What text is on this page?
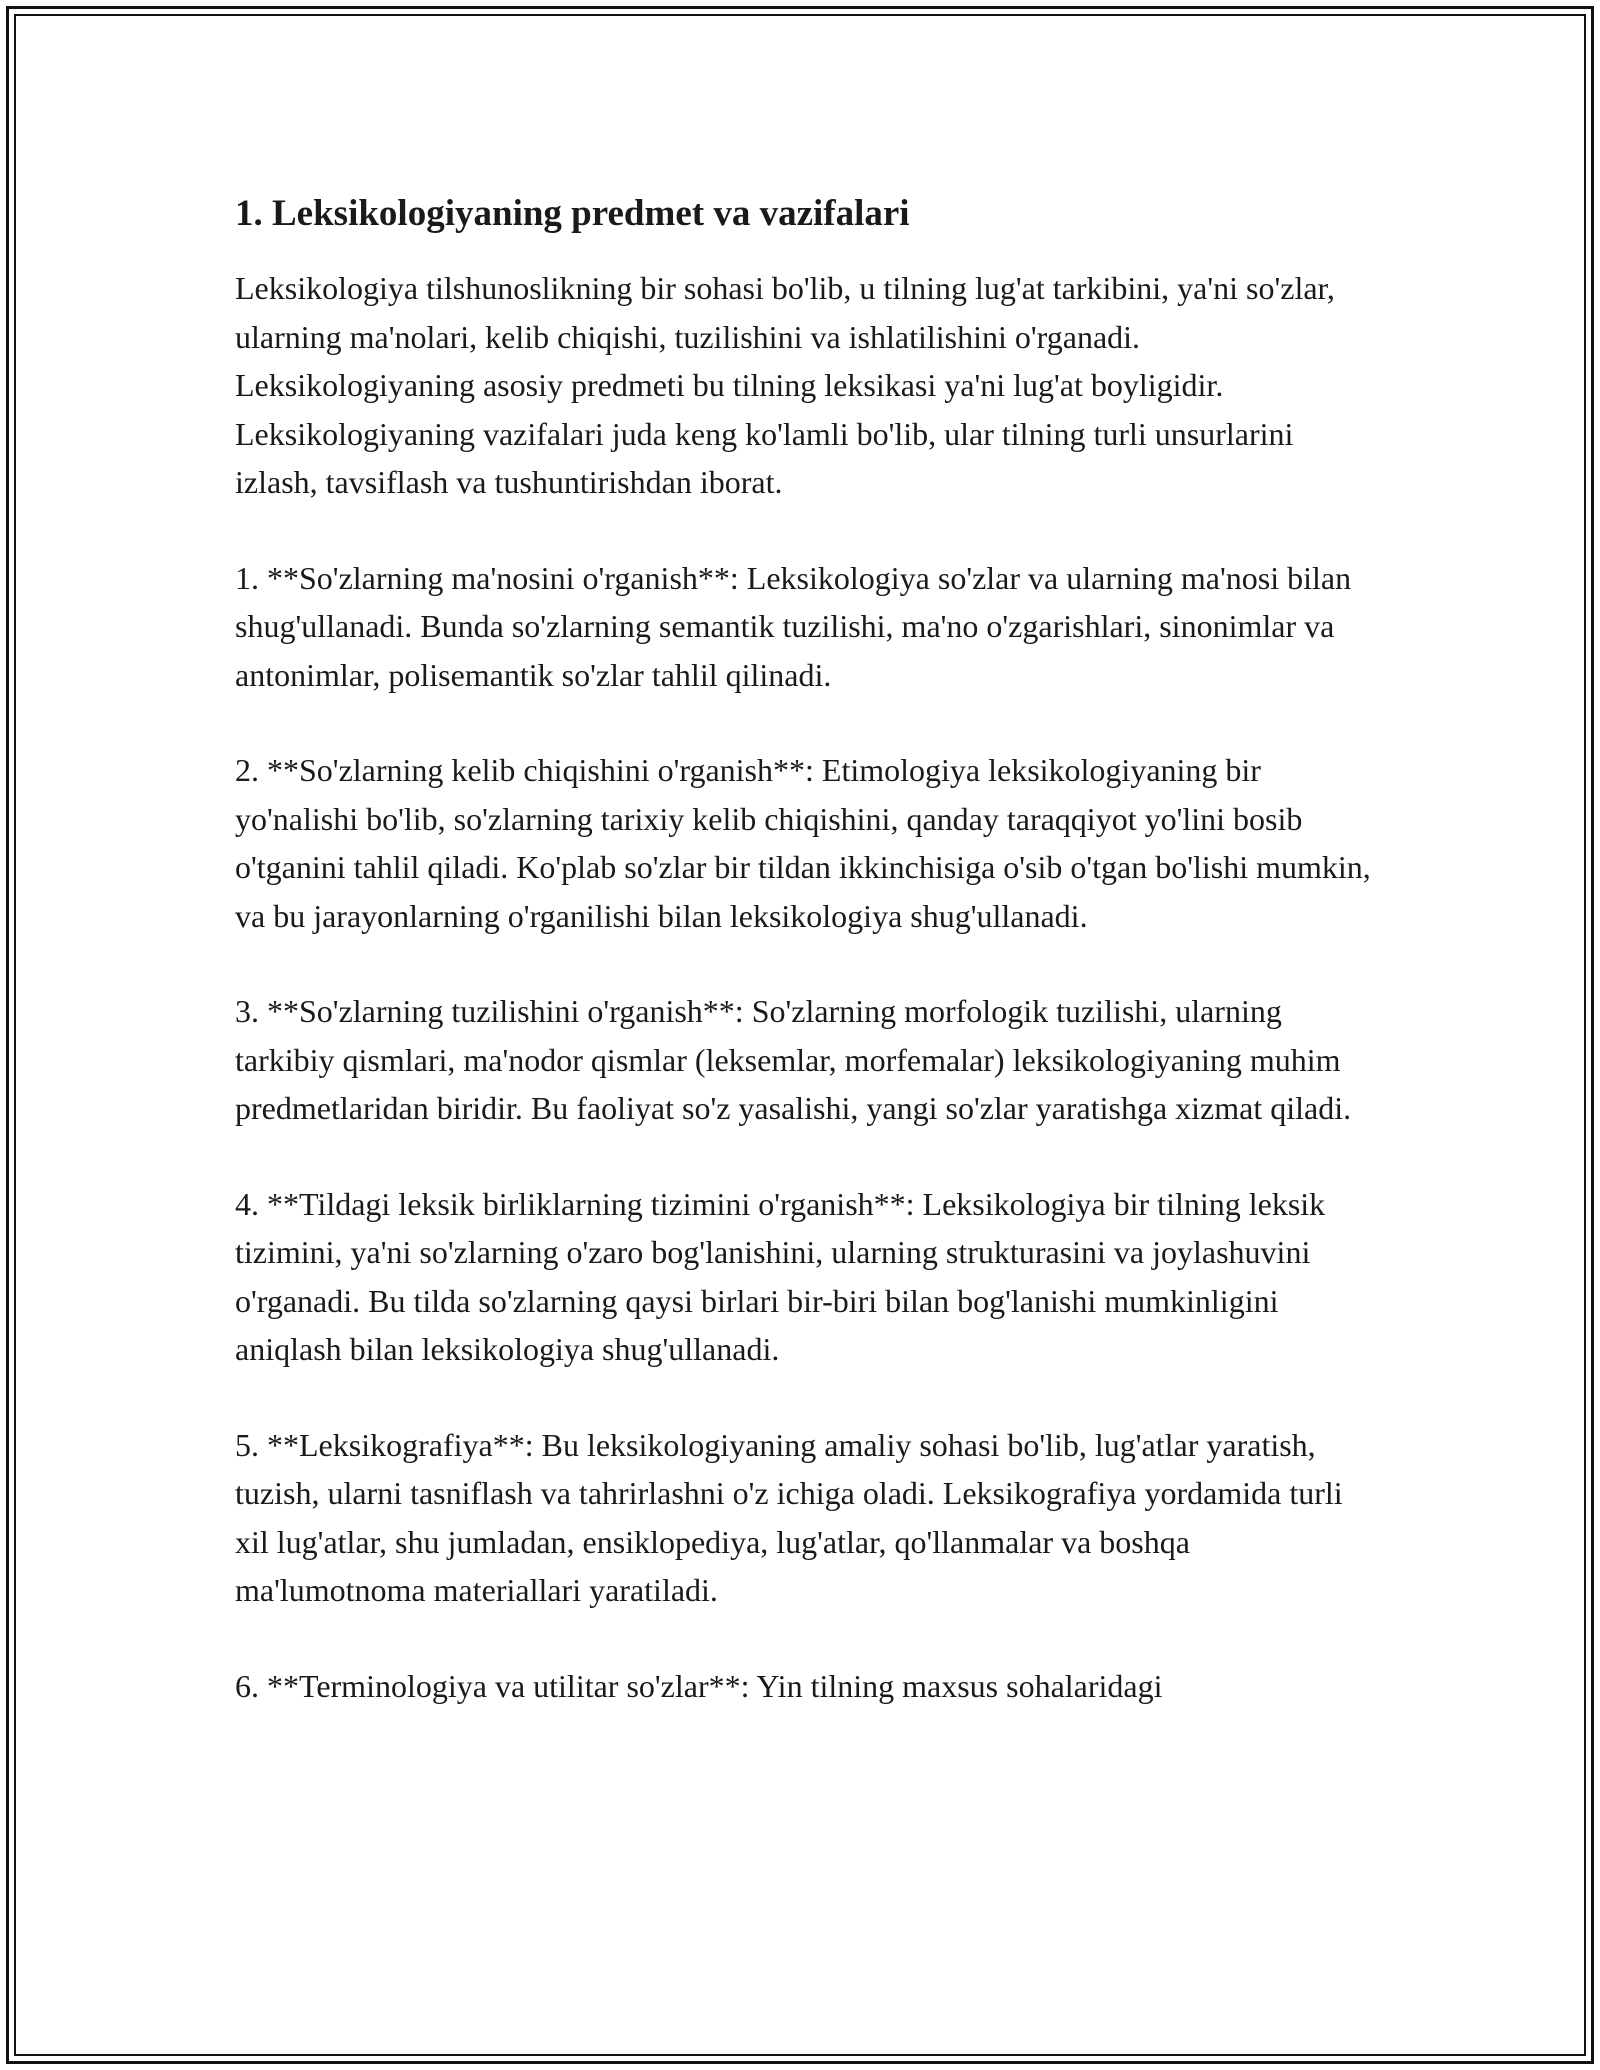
1. Leksikologiyaning predmet va vazifalari

Leksikologiya tilshunoslikning bir sohasi bo'lib, u tilning lug'at tarkibini, ya'ni so'zlar, ularning ma'nolari, kelib chiqishi, tuzilishini va ishlatilishini o'rganadi. Leksikologiyaning asosiy predmeti bu tilning leksikasi ya'ni lug'at boyligidir. Leksikologiyaning vazifalari juda keng ko'lamli bo'lib, ular tilning turli unsurlarini izlash, tavsiflash va tushuntirishdan iborat.

1. **So'zlarning ma'nosini o'rganish**: Leksikologiya so'zlar va ularning ma'nosi bilan shug'ullanadi. Bunda so'zlarning semantik tuzilishi, ma'no o'zgarishlari, sinonimlar va antonimlar, polisemantik so'zlar tahlil qilinadi.

2. **So'zlarning kelib chiqishini o'rganish**: Etimologiya leksikologiyaning bir yo'nalishi bo'lib, so'zlarning tarixiy kelib chiqishini, qanday taraqqiyot yo'lini bosib o'tganini tahlil qiladi. Ko'plab so'zlar bir tildan ikkinchisiga o'sib o'tgan bo'lishi mumkin, va bu jarayonlarning o'rganilishi bilan leksikologiya shug'ullanadi.

3. **So'zlarning tuzilishini o'rganish**: So'zlarning morfologik tuzilishi, ularning tarkibiy qismlari, ma'nodor qismlar (leksemlar, morfemalar) leksikologiyaning muhim predmetlaridan biridir. Bu faoliyat so'z yasalishi, yangi so'zlar yaratishga xizmat qiladi.

4. **Tildagi leksik birliklarning tizimini o'rganish**: Leksikologiya bir tilning leksik tizimini, ya'ni so'zlarning o'zaro bog'lanishini, ularning strukturasini va joylashuvini o'rganadi. Bu tilda so'zlarning qaysi birlari bir-biri bilan bog'lanishi mumkinligini aniqlash bilan leksikologiya shug'ullanadi.

5. **Leksikografiya**: Bu leksikologiyaning amaliy sohasi bo'lib, lug'atlar yaratish, tuzish, ularni tasniflash va tahrirlashni o'z ichiga oladi. Leksikografiya yordamida turli xil lug'atlar, shu jumladan, ensiklopediya, lug'atlar, qo'llanmalar va boshqa ma'lumotnoma materiallari yaratiladi.

6. **Terminologiya va utilitar so'zlar**: Yin tilning maxsus sohalaridagi
